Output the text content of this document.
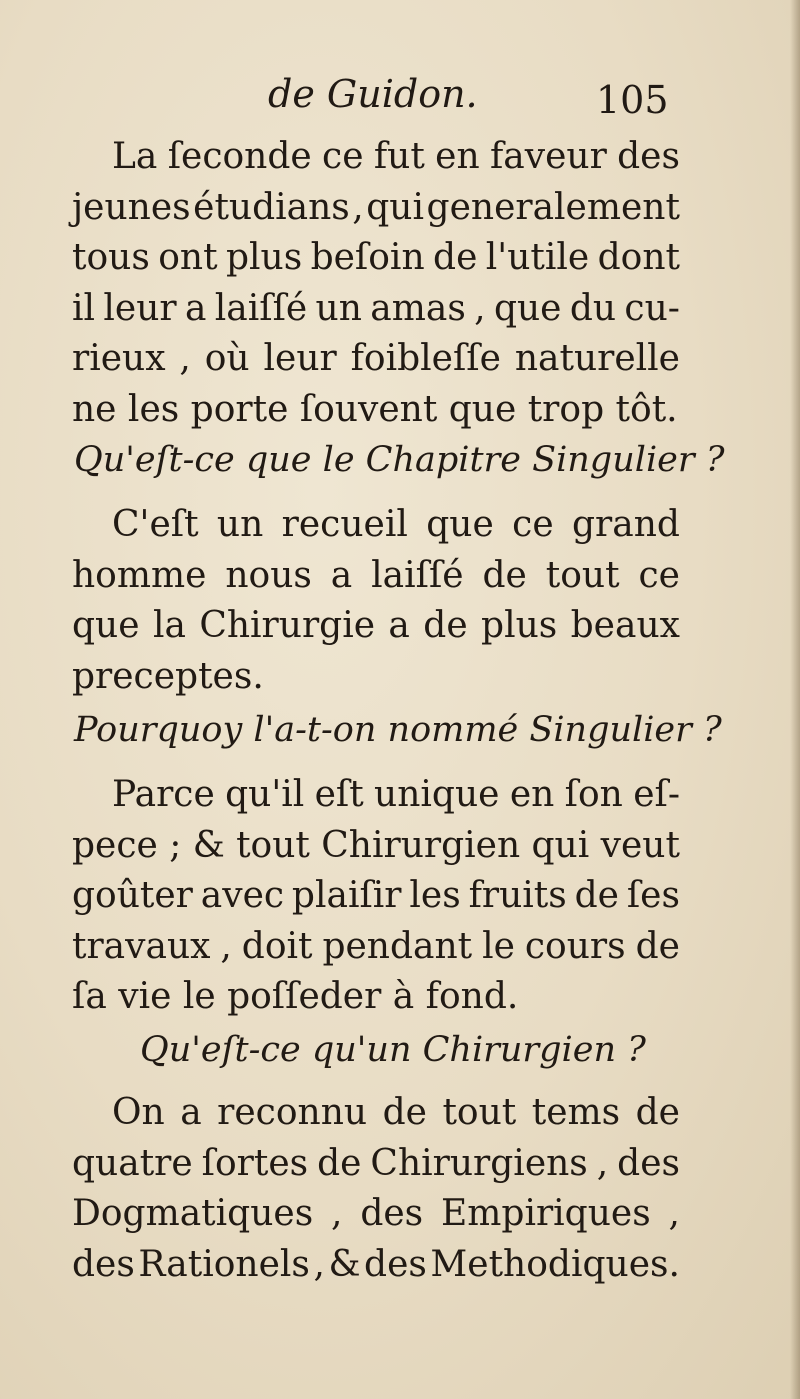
de Guidon.	105
La ſeconde ce fut en faveur des
jeunes étudians , qui generalement
tous ont plus beſoin de l'utile dont
il leur a laiſſé un amas , que du cu-
rieux , où leur foibleſſe naturelle
ne les porte ſouvent que trop tôt.
Qu'eſt-ce que le Chapitre Singulier ?
C'eſt un recueil que ce grand
homme nous a laiſſé de tout ce
que la Chirurgie a de plus beaux
preceptes.
Pourquoy l'a-t-on nommé Singulier ?
Parce qu'il eſt unique en ſon eſ-
pece ; & tout Chirurgien qui veut
goûter avec plaiſir les fruits de ſes
travaux , doit pendant le cours de
ſa vie le poſſeder à fond.
Qu'eſt-ce qu'un Chirurgien ?
On a reconnu de tout tems de
quatre ſortes de Chirurgiens , des
Dogmatiques , des Empiriques ,
des Rationels , & des Methodiques.
